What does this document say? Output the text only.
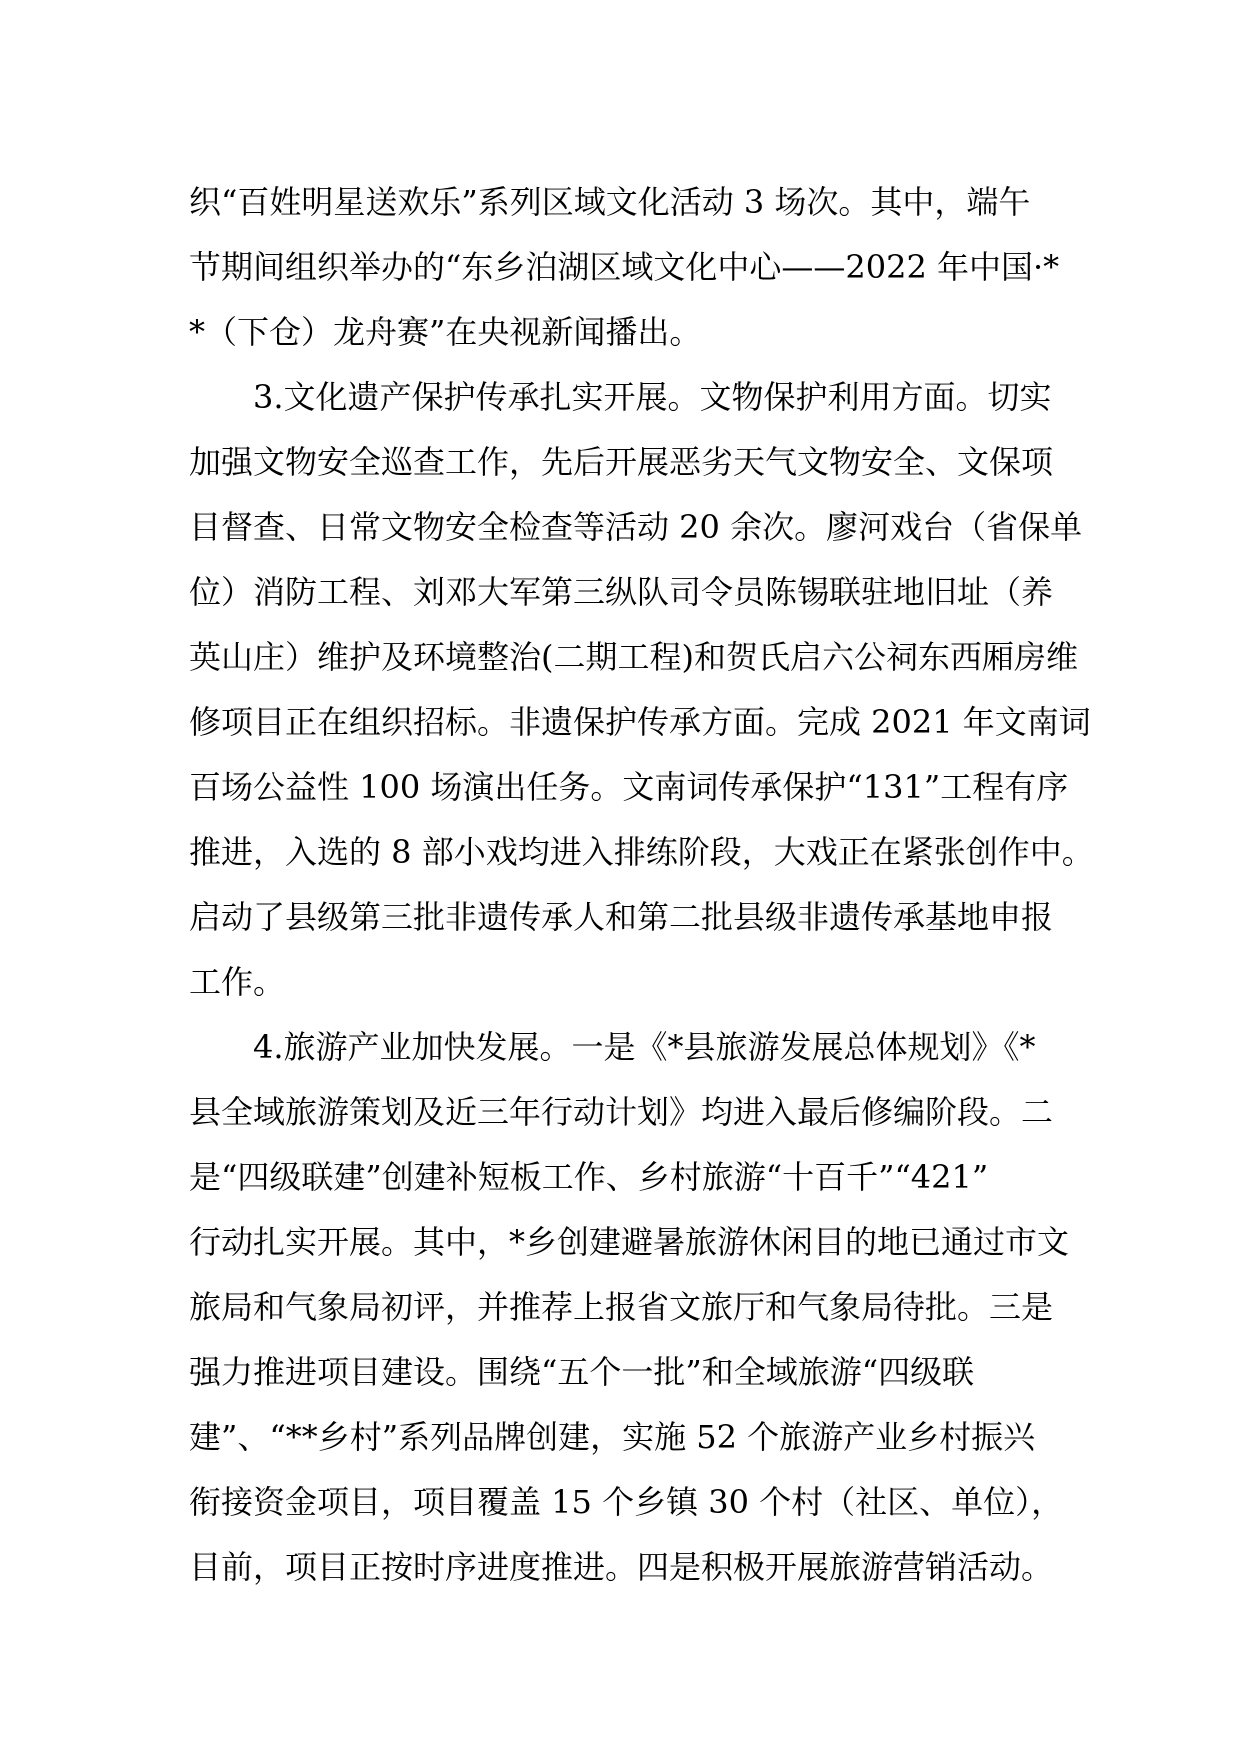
织“百姓明星送欢乐”系列区域文化活动 3 场次。其中，端午
节期间组织举办的“东乡泊湖区域文化中心——2022 年中国·*
*（下仓）龙舟赛”在央视新闻播出。
3.文化遗产保护传承扎实开展。文物保护利用方面。切实
加强文物安全巡查工作，先后开展恶劣天气文物安全、文保项
目督查、日常文物安全检查等活动 20 余次。廖河戏台（省保单
位）消防工程、刘邓大军第三纵队司令员陈锡联驻地旧址（养
英山庄）维护及环境整治(二期工程)和贺氏启六公祠东西厢房维
修项目正在组织招标。非遗保护传承方面。完成 2021 年文南词
百场公益性 100 场演出任务。文南词传承保护“131”工程有序
推进，入选的 8 部小戏均进入排练阶段，大戏正在紧张创作中。
启动了县级第三批非遗传承人和第二批县级非遗传承基地申报
工作。
4.旅游产业加快发展。一是《*县旅游发展总体规划》《*
县全域旅游策划及近三年行动计划》均进入最后修编阶段。二
是“四级联建”创建补短板工作、乡村旅游“十百千”“421”
行动扎实开展。其中，*乡创建避暑旅游休闲目的地已通过市文
旅局和气象局初评，并推荐上报省文旅厅和气象局待批。三是
强力推进项目建设。围绕“五个一批”和全域旅游“四级联
建”、“**乡村”系列品牌创建，实施 52 个旅游产业乡村振兴
衔接资金项目，项目覆盖 15 个乡镇 30 个村（社区、单位），
目前，项目正按时序进度推进。四是积极开展旅游营销活动。
